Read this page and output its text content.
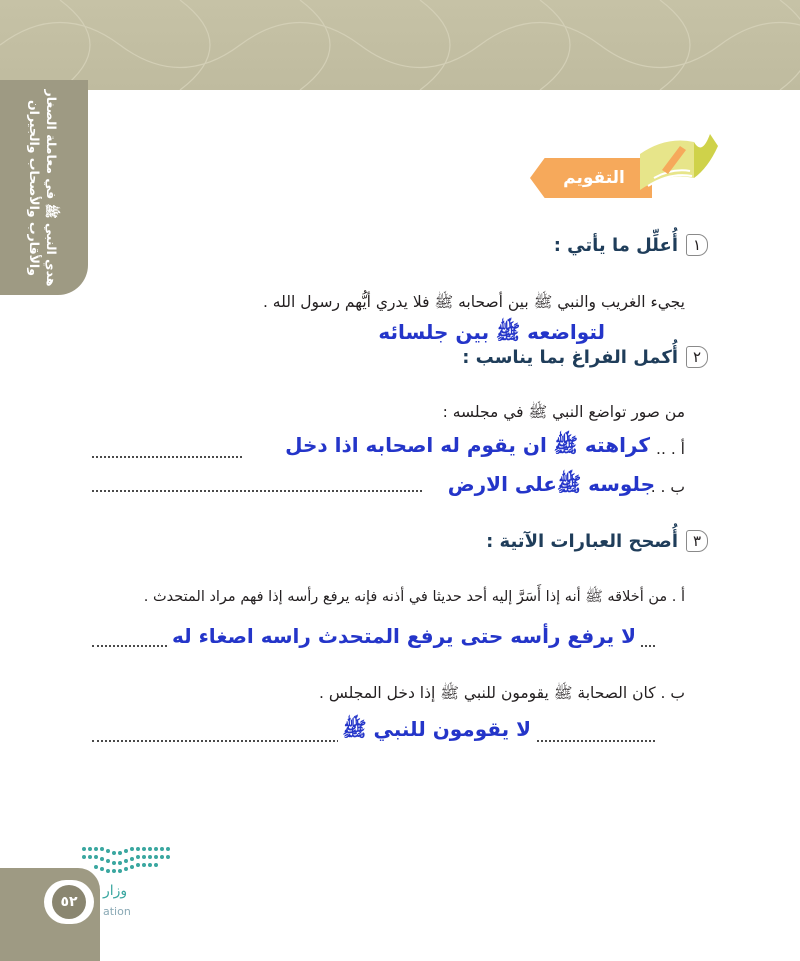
هدي النبي ﷺ في معاملة الصغار
والأقارب والأصحاب والجيران	التقويم
١
أُعلِّل ما يأتي :
يجيء الغريب والنبي ﷺ بين أصحابه ﷺ فلا يدري أيُّهم رسول الله .
لتواضعه ﷺ بين جلسائه
٢
أُكمل الفراغ بما يناسب :
من صور تواضع النبي ﷺ في مجلسه :
أ . ..
كراهته ﷺ ان يقوم له اصحابه اذا دخل
ب . .
جلوسه ﷺعلى الارض
٣
أُصحح العبارات الآتية :
أ . من أخلاقه ﷺ أنه إذا أَسَرَّ إليه أحد حديثا في أذنه فإنه يرفع رأسه إذا فهم مراد المتحدث .
لا يرفع رأسه حتى يرفع المتحدث راسه اصغاء له
ب . كان الصحابة ﷺ يقومون للنبي ﷺ إذا دخل المجلس .
لا يقومون للنبي ﷺ
٥٢
وزار
ation
